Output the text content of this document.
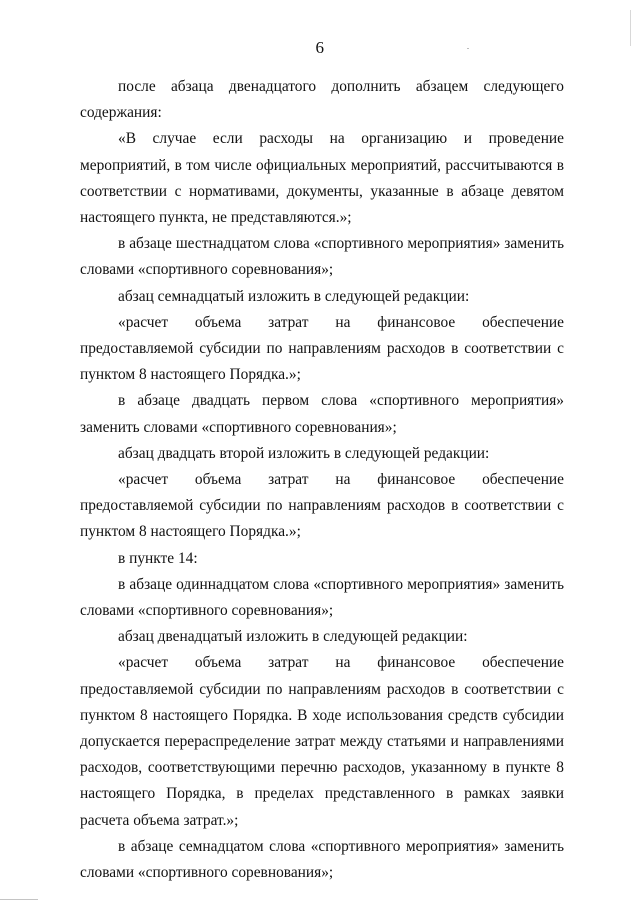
6

после абзаца двенадцатого дополнить абзацем следующего содержания:

«В случае если расходы на организацию и проведение мероприятий, в том числе официальных мероприятий, рассчитываются в соответствии с нормативами, документы, указанные в абзаце девятом настоящего пункта, не представляются.»;

в абзаце шестнадцатом слова «спортивного мероприятия» заменить словами «спортивного соревнования»;

абзац семнадцатый изложить в следующей редакции:

«расчет объема затрат на финансовое обеспечение предоставляемой субсидии по направлениям расходов в соответствии с пунктом 8 настоящего Порядка.»;

в абзаце двадцать первом слова «спортивного мероприятия» заменить словами «спортивного соревнования»;

абзац двадцать второй изложить в следующей редакции:

«расчет объема затрат на финансовое обеспечение предоставляемой субсидии по направлениям расходов в соответствии с пунктом 8 настоящего Порядка.»;

в пункте 14:

в абзаце одиннадцатом слова «спортивного мероприятия» заменить словами «спортивного соревнования»;

абзац двенадцатый изложить в следующей редакции:

«расчет объема затрат на финансовое обеспечение предоставляемой субсидии по направлениям расходов в соответствии с пунктом 8 настоящего Порядка. В ходе использования средств субсидии допускается перераспределение затрат между статьями и направлениями расходов, соответствующими перечню расходов, указанному в пункте 8 настоящего Порядка, в пределах представленного в рамках заявки расчета объема затрат.»;

в абзаце семнадцатом слова «спортивного мероприятия» заменить словами «спортивного соревнования»;
